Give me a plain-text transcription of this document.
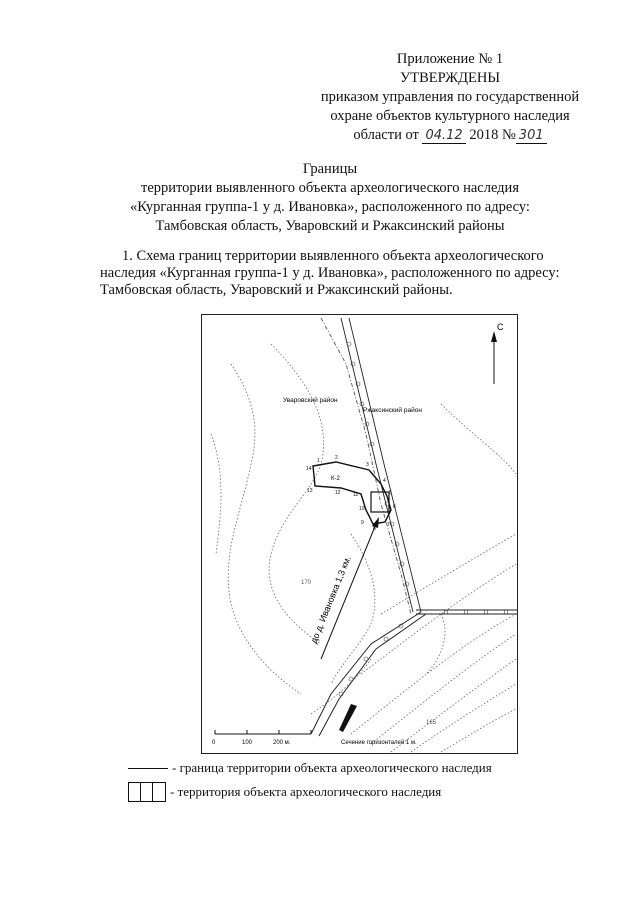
Приложение № 1
УТВЕРЖДЕНЫ
приказом управления по государственной
охране объектов культурного наследия
области от 04.12 2018 № 301
Границы
территории выявленного объекта археологического наследия
«Курганная группа-1 у д. Ивановка», расположенного по адресу:
Тамбовская область, Уваровский и Ржаксинский районы
1. Схема границ территории выявленного объекта археологического
наследия «Курганная группа-1 у д. Ивановка», расположенного по адресу:
Тамбовская область, Уваровский и Ржаксинский районы.
С
170
165
до д. Ивановка 1,3 км.
Уваровский район
Ржаксинский район
К-2
14
1	2
3
4
5
6
7
8
9
10
11
12
13
0	100	200 м.	Сечение горизонталей 1 м.
- граница территории объекта археологического наследия
- территория объекта археологического наследия
